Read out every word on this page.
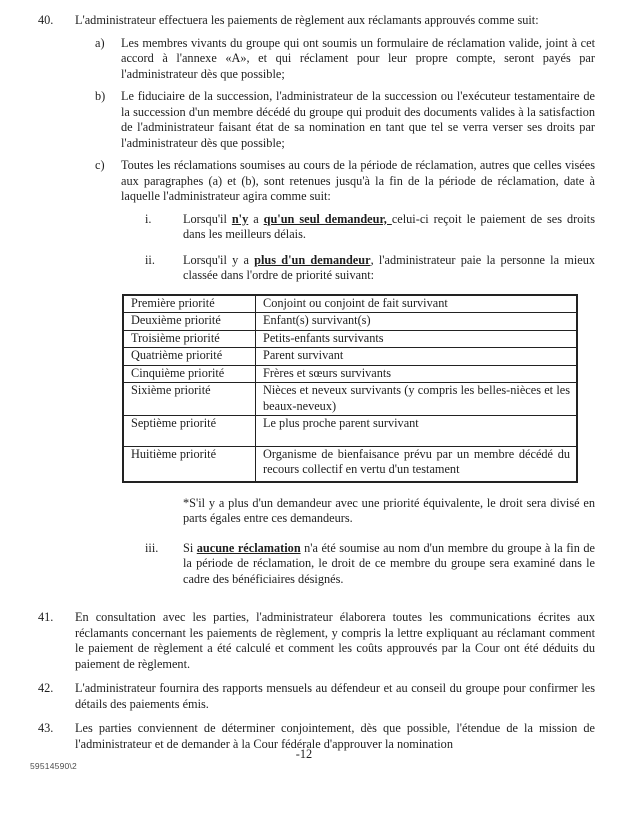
40.	L'administrateur effectuera les paiements de règlement aux réclamants approuvés comme suit:
a)	Les membres vivants du groupe qui ont soumis un formulaire de réclamation valide, joint à cet accord à l'annexe «A», et qui réclament pour leur propre compte, seront payés par l'administrateur dès que possible;
b)	Le fiduciaire de la succession, l'administrateur de la succession ou l'exécuteur testamentaire de la succession d'un membre décédé du groupe qui produit des documents valides à la satisfaction de l'administrateur faisant état de sa nomination en tant que tel se verra verser ses droits par l'administrateur dès que possible;
c)	Toutes les réclamations soumises au cours de la période de réclamation, autres que celles visées aux paragraphes (a) et (b), sont retenues jusqu'à la fin de la période de réclamation, date à laquelle l'administrateur agira comme suit:
i.	Lorsqu'il n'y a qu'un seul demandeur, celui-ci reçoit le paiement de ses droits dans les meilleurs délais.
ii.	Lorsqu'il y a plus d'un demandeur, l'administrateur paie la personne la mieux classée dans l'ordre de priorité suivant:
Première priorité	Conjoint ou conjoint de fait survivant
Deuxième priorité	Enfant(s) survivant(s)
Troisième priorité	Petits-enfants survivants
Quatrième priorité	Parent survivant
Cinquième priorité	Frères et sœurs survivants
Sixième priorité	Nièces et neveux survivants (y compris les belles-nièces et les beaux-neveux)
Septième priorité	Le plus proche parent survivant
Huitième priorité	Organisme de bienfaisance prévu par un membre décédé du recours collectif en vertu d'un testament
*S'il y a plus d'un demandeur avec une priorité équivalente, le droit sera divisé en parts égales entre ces demandeurs.
iii.	Si aucune réclamation n'a été soumise au nom d'un membre du groupe à la fin de la période de réclamation, le droit de ce membre du groupe sera examiné dans le cadre des bénéficiaires désignés.
41.	En consultation avec les parties, l'administrateur élaborera toutes les communications écrites aux réclamants concernant les paiements de règlement, y compris la lettre expliquant au réclamant comment le paiement de règlement a été calculé et comment les coûts approuvés par la Cour ont été déduits du paiement de règlement.
42.	L'administrateur fournira des rapports mensuels au défendeur et au conseil du groupe pour confirmer les détails des paiements émis.
43.	Les parties conviennent de déterminer conjointement, dès que possible, l'étendue de la mission de l'administrateur et de demander à la Cour fédérale d'approuver la nomination
-12
59514590\2
